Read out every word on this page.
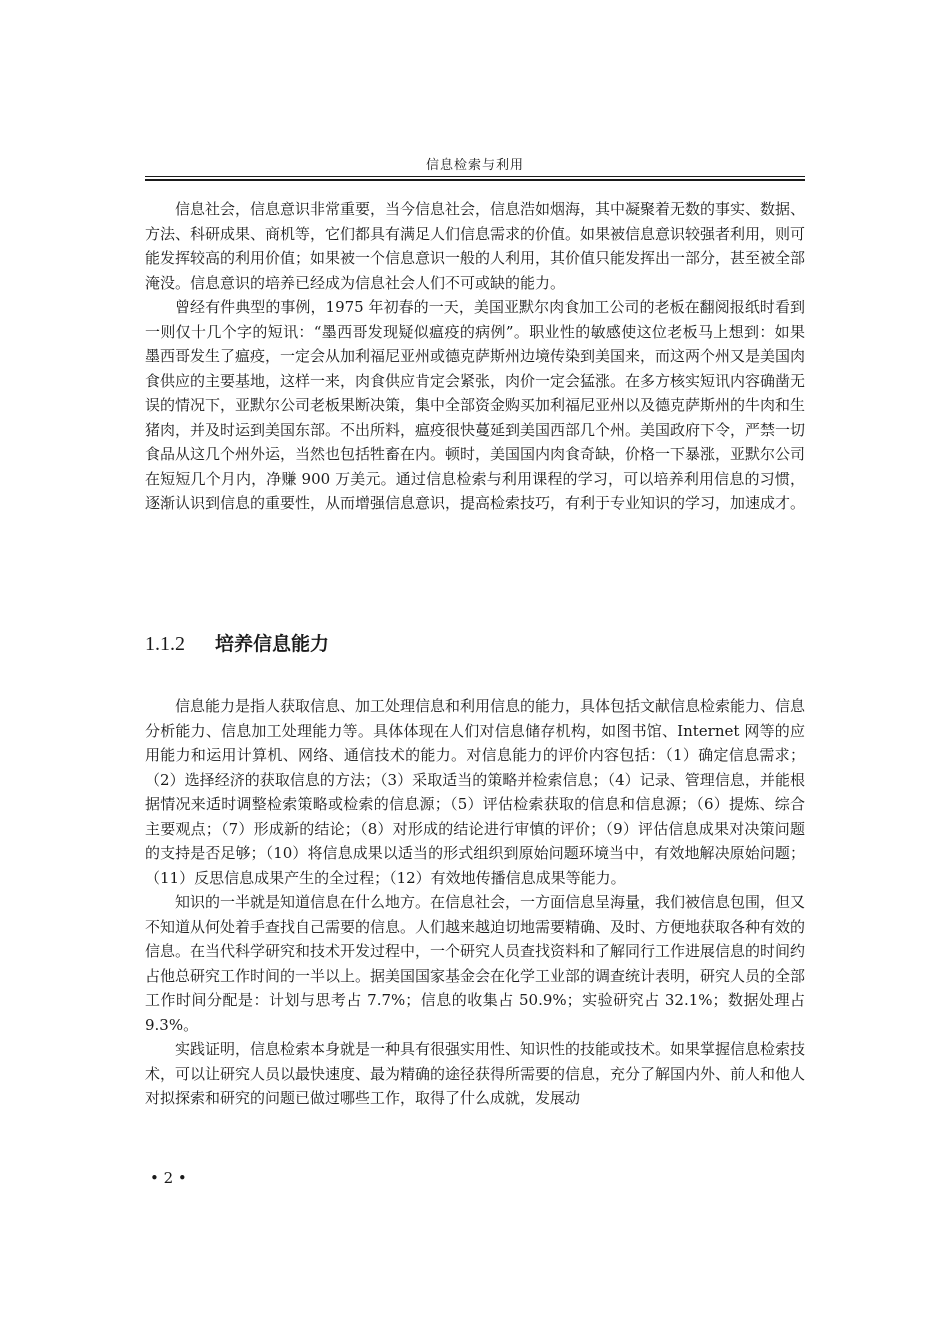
信息检索与利用

信息社会，信息意识非常重要，当今信息社会，信息浩如烟海，其中凝聚着无数的事实、数据、方法、科研成果、商机等，它们都具有满足人们信息需求的价值。如果被信息意识较强者利用，则可能发挥较高的利用价值；如果被一个信息意识一般的人利用，其价值只能发挥出一部分，甚至被全部淹没。信息意识的培养已经成为信息社会人们不可或缺的能力。

曾经有件典型的事例，1975 年初春的一天，美国亚默尔肉食加工公司的老板在翻阅报纸时看到一则仅十几个字的短讯：“墨西哥发现疑似瘟疫的病例”。职业性的敏感使这位老板马上想到：如果墨西哥发生了瘟疫，一定会从加利福尼亚州或德克萨斯州边境传染到美国来，而这两个州又是美国肉食供应的主要基地，这样一来，肉食供应肯定会紧张，肉价一定会猛涨。在多方核实短讯内容确凿无误的情况下，亚默尔公司老板果断决策，集中全部资金购买加利福尼亚州以及德克萨斯州的牛肉和生猪肉，并及时运到美国东部。不出所料，瘟疫很快蔓延到美国西部几个州。美国政府下令，严禁一切食品从这几个州外运，当然也包括牲畜在内。顿时，美国国内肉食奇缺，价格一下暴涨，亚默尔公司在短短几个月内，净赚 900 万美元。通过信息检索与利用课程的学习，可以培养利用信息的习惯，逐渐认识到信息的重要性，从而增强信息意识，提高检索技巧，有利于专业知识的学习，加速成才。

1.1.2 培养信息能力

信息能力是指人获取信息、加工处理信息和利用信息的能力，具体包括文献信息检索能力、信息分析能力、信息加工处理能力等。具体体现在人们对信息储存机构，如图书馆、Internet 网等的应用能力和运用计算机、网络、通信技术的能力。对信息能力的评价内容包括：（1）确定信息需求；（2）选择经济的获取信息的方法；（3）采取适当的策略并检索信息；（4）记录、管理信息，并能根据情况来适时调整检索策略或检索的信息源；（5）评估检索获取的信息和信息源；（6）提炼、综合主要观点；（7）形成新的结论；（8）对形成的结论进行审慎的评价；（9）评估信息成果对决策问题的支持是否足够；（10）将信息成果以适当的形式组织到原始问题环境当中，有效地解决原始问题；（11）反思信息成果产生的全过程；（12）有效地传播信息成果等能力。

知识的一半就是知道信息在什么地方。在信息社会，一方面信息呈海量，我们被信息包围，但又不知道从何处着手查找自己需要的信息。人们越来越迫切地需要精确、及时、方便地获取各种有效的信息。在当代科学研究和技术开发过程中，一个研究人员查找资料和了解同行工作进展信息的时间约占他总研究工作时间的一半以上。据美国国家基金会在化学工业部的调查统计表明，研究人员的全部工作时间分配是：计划与思考占 7.7%；信息的收集占 50.9%；实验研究占 32.1%；数据处理占 9.3%。

实践证明，信息检索本身就是一种具有很强实用性、知识性的技能或技术。如果掌握信息检索技术，可以让研究人员以最快速度、最为精确的途径获得所需要的信息，充分了解国内外、前人和他人对拟探索和研究的问题已做过哪些工作，取得了什么成就，发展动

• 2 •
